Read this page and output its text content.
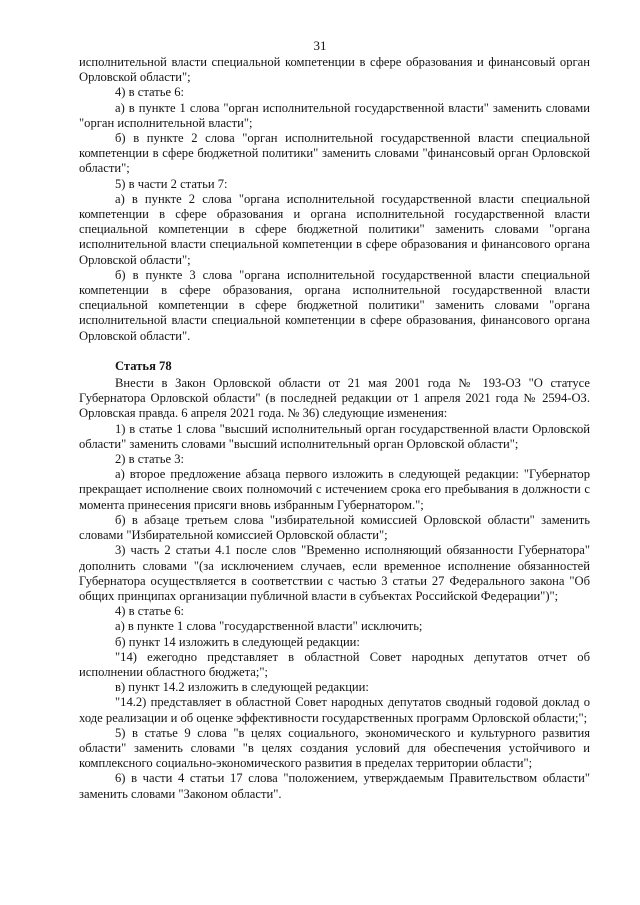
31

исполнительной власти специальной компетенции в сфере образования и финансовый орган Орловской области";

4) в статье 6:

а) в пункте 1 слова "орган исполнительной государственной власти" заменить словами "орган исполнительной власти";

б) в пункте 2 слова "орган исполнительной государственной власти специальной компетенции в сфере бюджетной политики" заменить словами "финансовый орган Орловской области";

5) в части 2 статьи 7:

а) в пункте 2 слова "органа исполнительной государственной власти специальной компетенции в сфере образования и органа исполнительной государственной власти специальной компетенции в сфере бюджетной политики" заменить словами "органа исполнительной власти специальной компетенции в сфере образования и финансового органа Орловской области";

б) в пункте 3 слова "органа исполнительной государственной власти специальной компетенции в сфере образования, органа исполнительной государственной власти специальной компетенции в сфере бюджетной политики" заменить словами "органа исполнительной власти специальной компетенции в сфере образования, финансового органа Орловской области".

Статья 78

Внести в Закон Орловской области от 21 мая 2001 года № 193-ОЗ "О статусе Губернатора Орловской области" (в последней редакции от 1 апреля 2021 года № 2594-ОЗ. Орловская правда. 6 апреля 2021 года. № 36) следующие изменения:

1) в статье 1 слова "высший исполнительный орган государственной власти Орловской области" заменить словами "высший исполнительный орган Орловской области";

2) в статье 3:

а) второе предложение абзаца первого изложить в следующей редакции: "Губернатор прекращает исполнение своих полномочий с истечением срока его пребывания в должности с момента принесения присяги вновь избранным Губернатором.";

б) в абзаце третьем слова "избирательной комиссией Орловской области" заменить словами "Избирательной комиссией Орловской области";

3) часть 2 статьи 4.1 после слов "Временно исполняющий обязанности Губернатора" дополнить словами "(за исключением случаев, если временное исполнение обязанностей Губернатора осуществляется в соответствии с частью 3 статьи 27 Федерального закона "Об общих принципах организации публичной власти в субъектах Российской Федерации")";

4) в статье 6:

а) в пункте 1 слова "государственной власти" исключить;

б) пункт 14 изложить в следующей редакции:

"14) ежегодно представляет в областной Совет народных депутатов отчет об исполнении областного бюджета;";

в) пункт 14.2 изложить в следующей редакции:

"14.2) представляет в областной Совет народных депутатов сводный годовой доклад о ходе реализации и об оценке эффективности государственных программ Орловской области;";

5) в статье 9 слова "в целях социального, экономического и культурного развития области" заменить словами "в целях создания условий для обеспечения устойчивого и комплексного социально-экономического развития в пределах территории области";

6) в части 4 статьи 17 слова "положением, утверждаемым Правительством области" заменить словами "Законом области".
